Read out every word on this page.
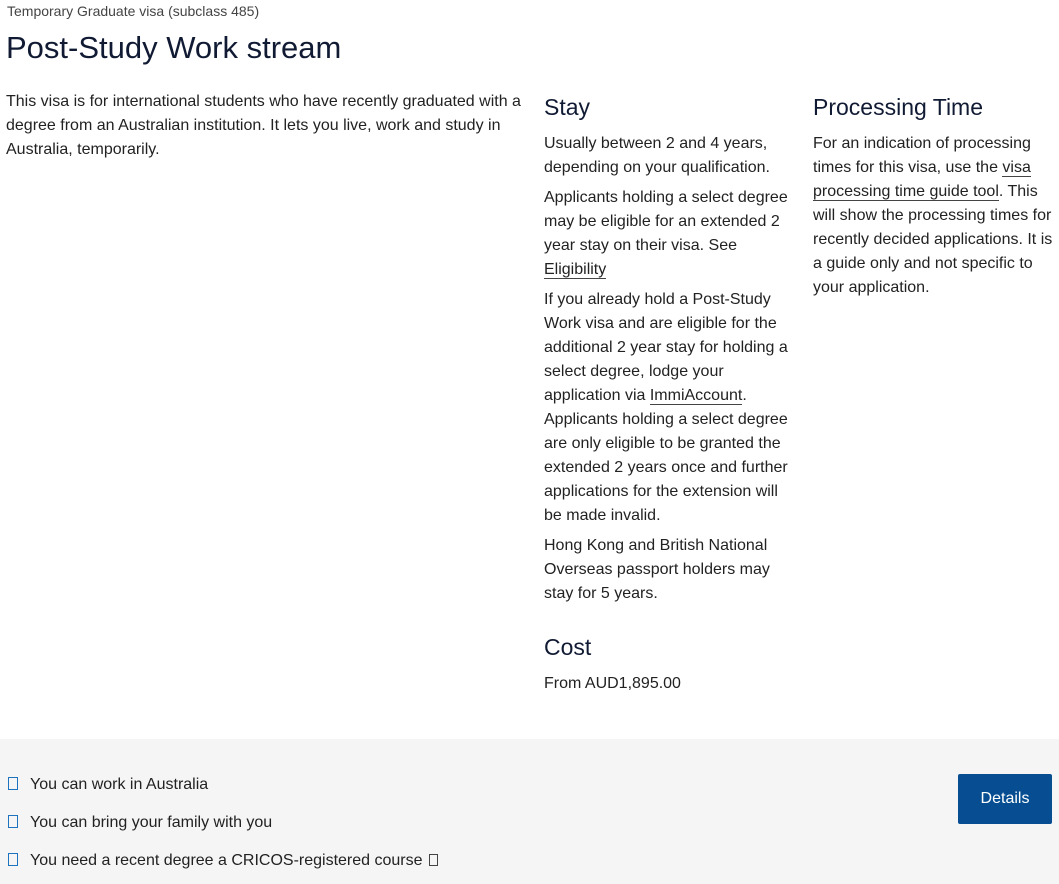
Temporary Graduate visa (subclass 485)
Post-Study Work stream

This visa is for international students who have recently graduated with a degree from an Australian institution. It lets you live, work and study in Australia, temporarily.

Stay

Usually between 2 and 4 years, depending on your qualification.

Applicants holding a select degree may be eligible for an extended 2 year stay on their visa. See Eligibility

If you already hold a Post-Study Work visa and are eligible for the additional 2 year stay for holding a select degree, lodge your application via ImmiAccount. Applicants holding a select degree are only eligible to be granted the extended 2 years once and further applications for the extension will be made invalid.

Hong Kong and British National Overseas passport holders may stay for 5 years.

Cost

From AUD1,895.00

Processing Time

For an indication of processing times for this visa, use the visa processing time guide tool. This will show the processing times for recently decided applications. It is a guide only and not specific to your application.

You can work in Australia
You can bring your family with you
You need a recent degree a CRICOS-registered course
Details
